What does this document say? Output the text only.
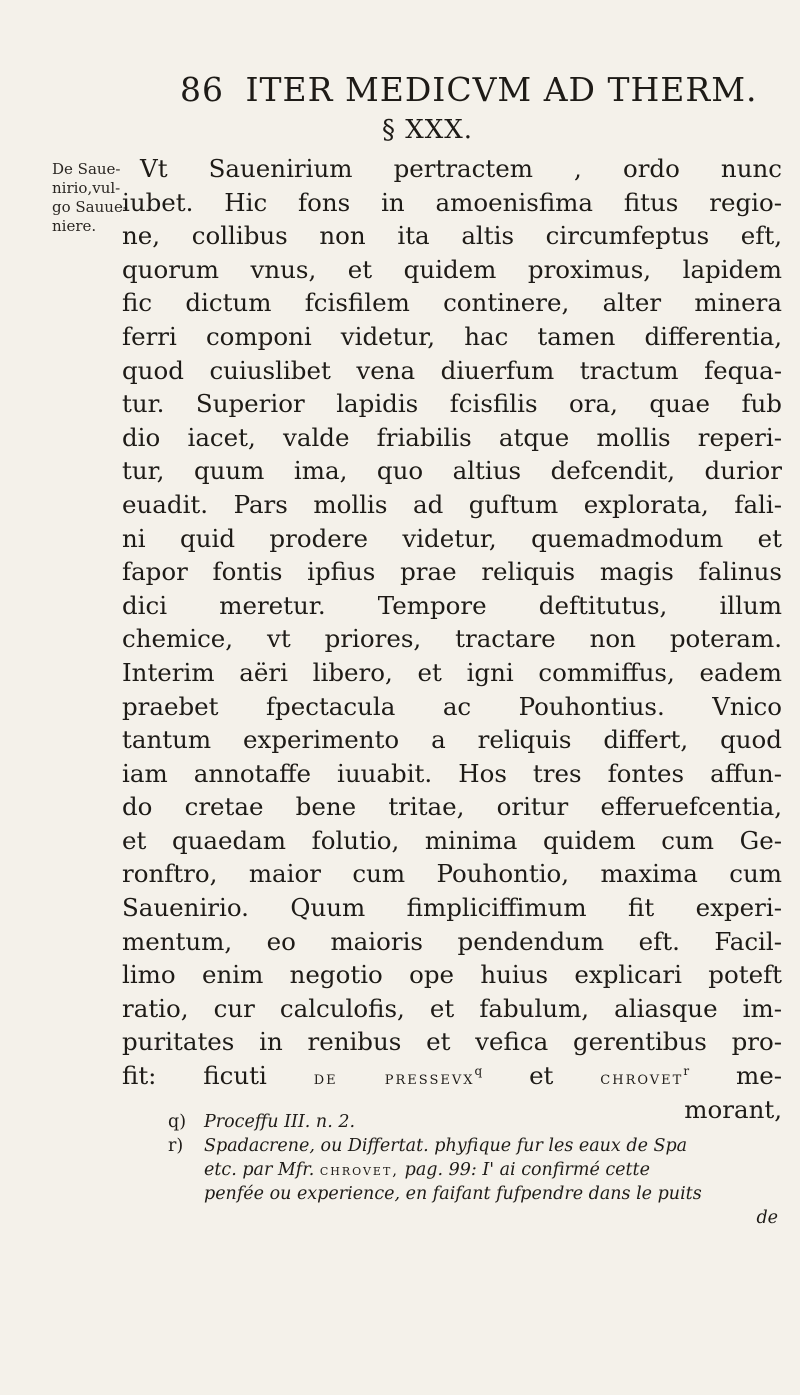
86 ITER MEDICVM AD THERM.
§ XXX.
De Saue-
nirio,vul-
go Sauue-
niere.
Vt Sauenirium pertractem , ordo nunc
iubet. Hic fons in amoenisfima fitus regio-
ne, collibus non ita altis circumfeptus eft,
quorum vnus, et quidem proximus, lapidem
fic dictum fcisfilem continere, alter minera
ferri componi videtur, hac tamen differentia,
quod cuiuslibet vena diuerfum tractum fequa-
tur. Superior lapidis fcisfilis ora, quae fub
dio iacet, valde friabilis atque mollis reperi-
tur, quum ima, quo altius defcendit, durior
euadit. Pars mollis ad guftum explorata, fali-
ni quid prodere videtur, quemadmodum et
fapor fontis ipfius prae reliquis magis falinus
dici meretur. Tempore deftitutus, illum
chemice, vt priores, tractare non poteram.
Interim aëri libero, et igni commiffus, eadem
praebet fpectacula ac Pouhontius. Vnico
tantum experimento a reliquis differt, quod
iam annotaffe iuuabit. Hos tres fontes affun-
do cretae bene tritae, oritur efferuefcentia,
et quaedam folutio, minima quidem cum Ge-
ronftro, maior cum Pouhontio, maxima cum
Sauenirio. Quum fimpliciffimum fit experi-
mentum, eo maioris pendendum eft. Facil-
limo enim negotio ope huius explicari poteft
ratio, cur calculofis, et fabulum, aliasque im-
puritates in renibus et vefica gerentibus pro-
fit: ficuti de pressevx$^q$ et chrovet$^r$ me-
morant,
q) Proceffu III. n. 2.
r) Spadacrene, ou Differtat. phyfique fur les eaux de Spa
etc. par Mfr. chrovet, pag. 99: I' ai confirmé cette
penfée ou experience, en faifant fufpendre dans le puits
de
